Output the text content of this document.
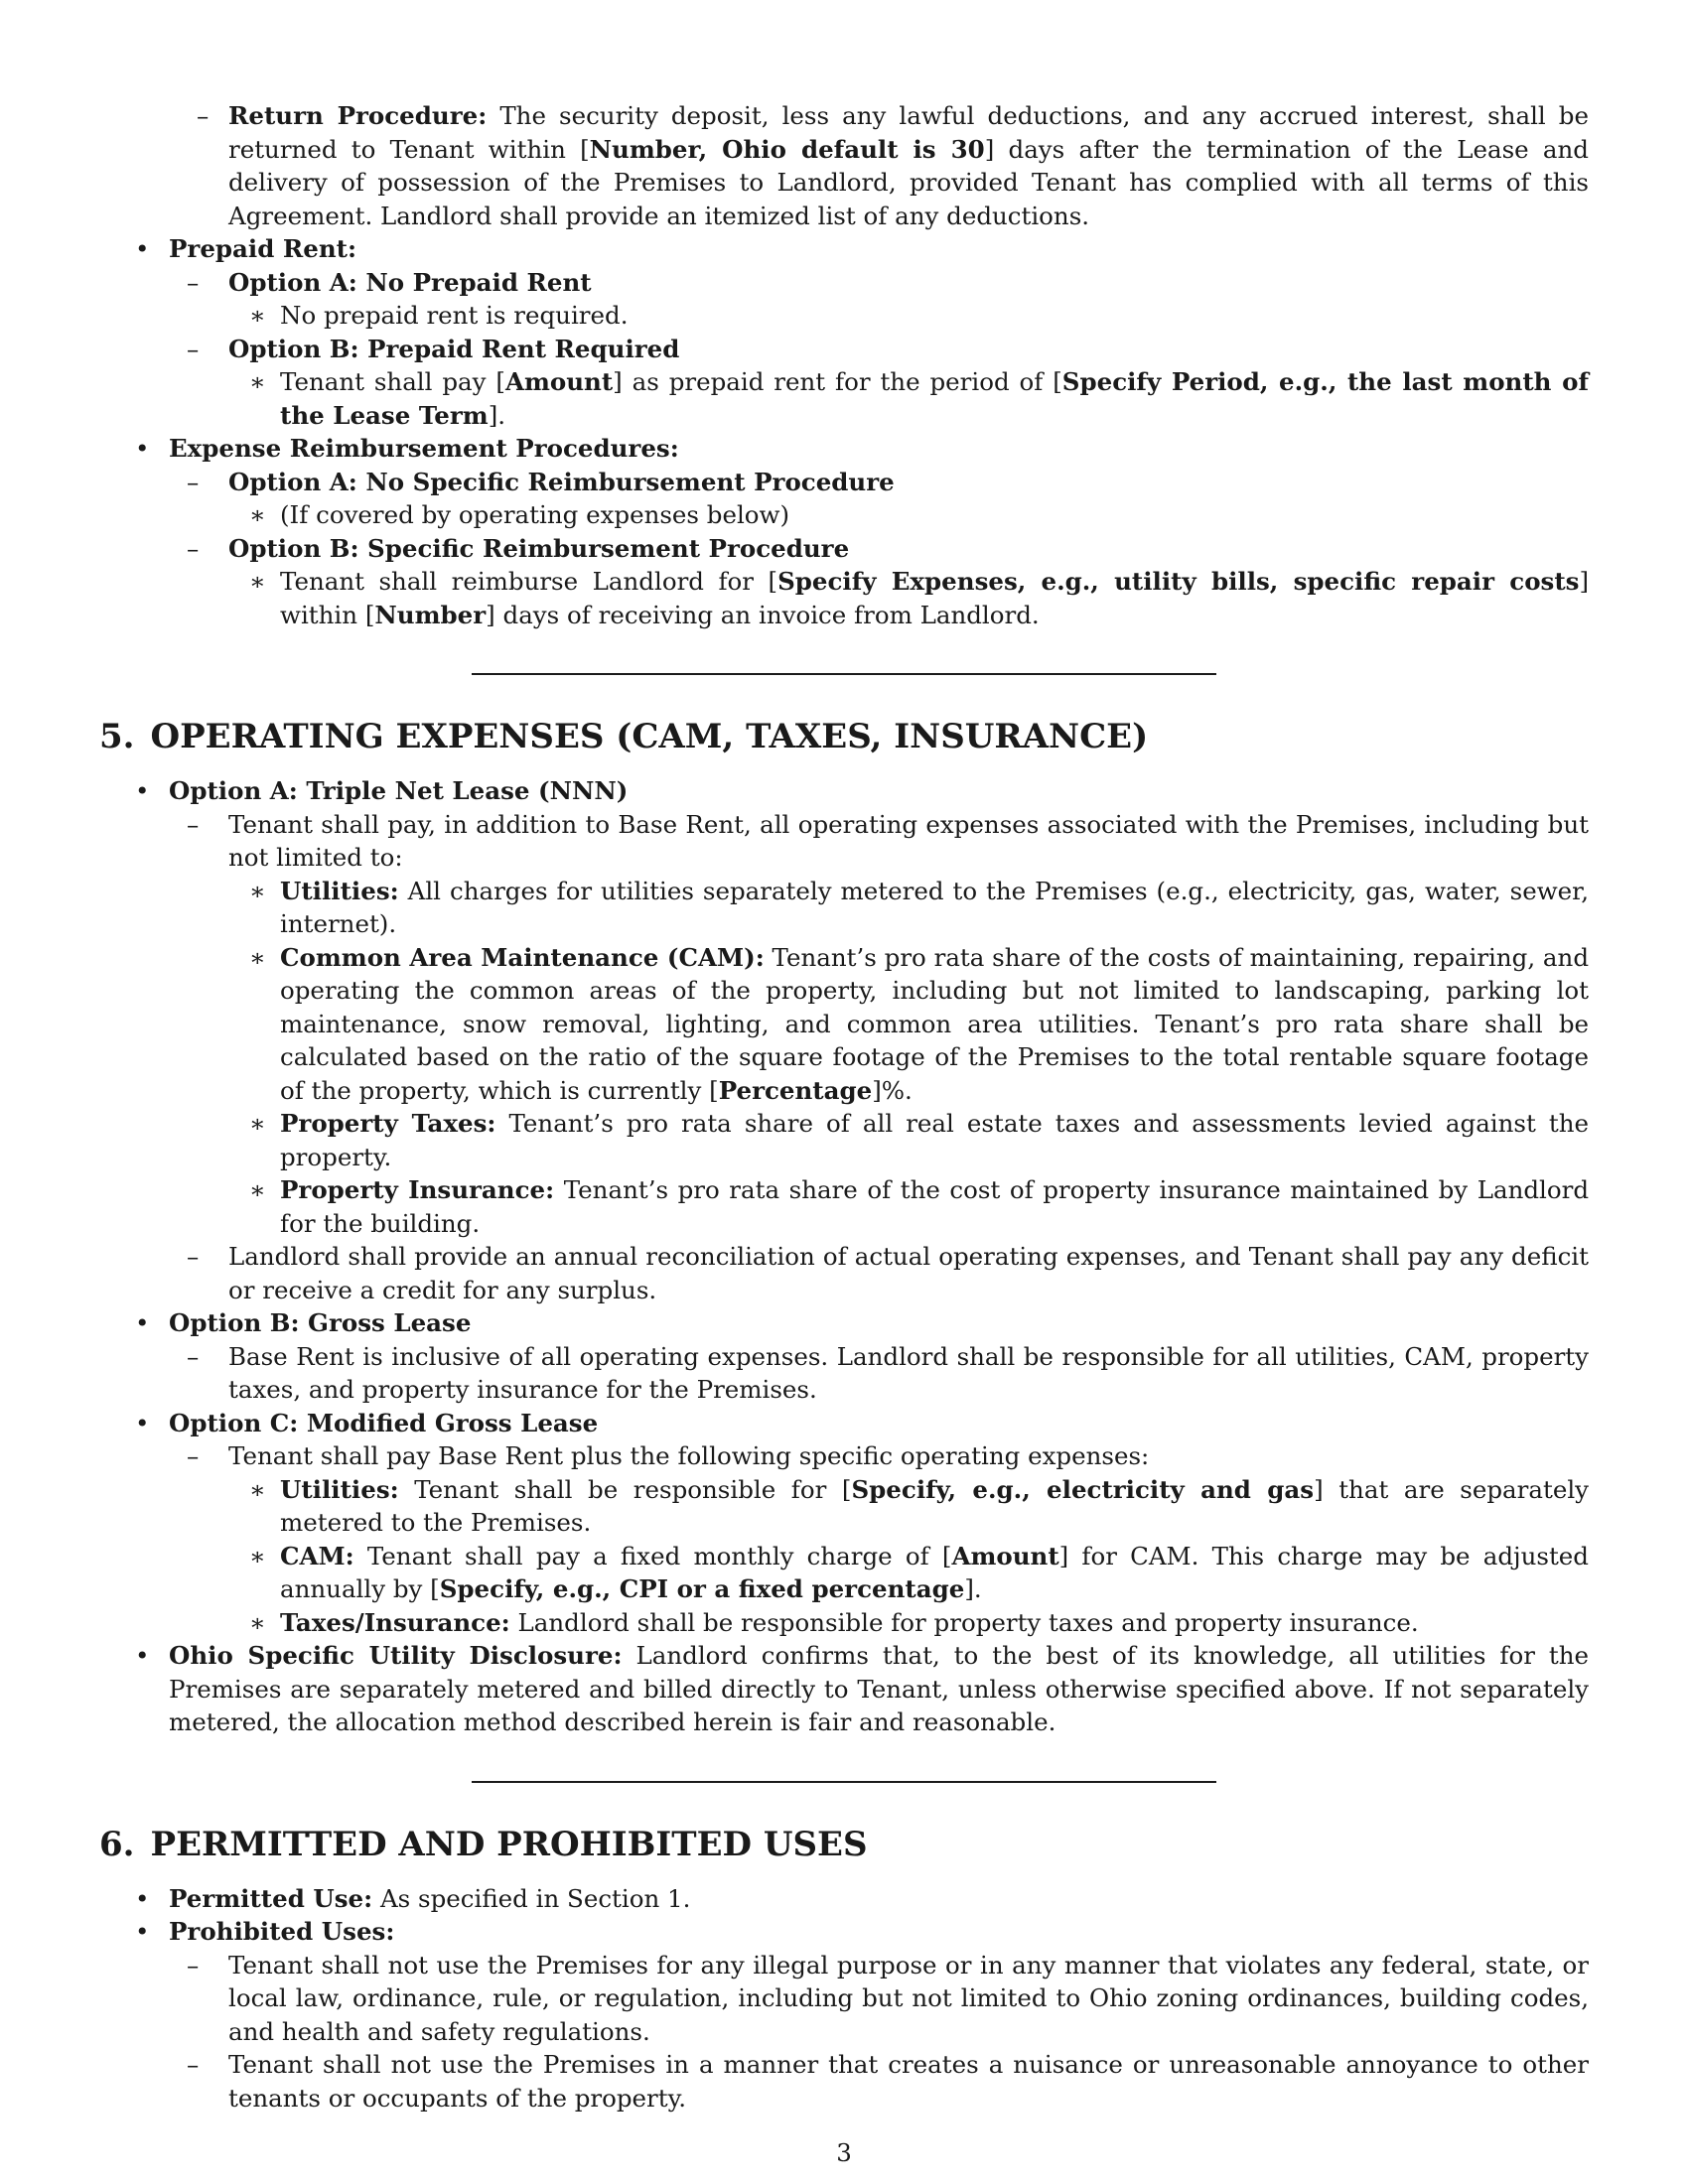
– Return Procedure: The security deposit, less any lawful deductions, and any accrued interest, shall be returned to Tenant within [Number, Ohio default is 30] days after the termination of the Lease and delivery of possession of the Premises to Landlord, provided Tenant has complied with all terms of this Agreement. Landlord shall provide an itemized list of any deductions.
• Prepaid Rent:
– Option A: No Prepaid Rent
∗ No prepaid rent is required.
– Option B: Prepaid Rent Required
∗ Tenant shall pay [Amount] as prepaid rent for the period of [Specify Period, e.g., the last month of the Lease Term].
• Expense Reimbursement Procedures:
– Option A: No Specific Reimbursement Procedure
∗ (If covered by operating expenses below)
– Option B: Specific Reimbursement Procedure
∗ Tenant shall reimburse Landlord for [Specify Expenses, e.g., utility bills, specific repair costs] within [Number] days of receiving an invoice from Landlord.
5. OPERATING EXPENSES (CAM, TAXES, INSURANCE)
• Option A: Triple Net Lease (NNN)
– Tenant shall pay, in addition to Base Rent, all operating expenses associated with the Premises, including but not limited to:
∗ Utilities: All charges for utilities separately metered to the Premises (e.g., electricity, gas, water, sewer, internet).
∗ Common Area Maintenance (CAM): Tenant’s pro rata share of the costs of maintaining, repairing, and operating the common areas of the property, including but not limited to landscaping, parking lot maintenance, snow removal, lighting, and common area utilities. Tenant’s pro rata share shall be calculated based on the ratio of the square footage of the Premises to the total rentable square footage of the property, which is currently [Percentage]%.
∗ Property Taxes: Tenant’s pro rata share of all real estate taxes and assessments levied against the property.
∗ Property Insurance: Tenant’s pro rata share of the cost of property insurance maintained by Landlord for the building.
– Landlord shall provide an annual reconciliation of actual operating expenses, and Tenant shall pay any deficit or receive a credit for any surplus.
• Option B: Gross Lease
– Base Rent is inclusive of all operating expenses. Landlord shall be responsible for all utilities, CAM, property taxes, and property insurance for the Premises.
• Option C: Modified Gross Lease
– Tenant shall pay Base Rent plus the following specific operating expenses:
∗ Utilities: Tenant shall be responsible for [Specify, e.g., electricity and gas] that are separately metered to the Premises.
∗ CAM: Tenant shall pay a fixed monthly charge of [Amount] for CAM. This charge may be adjusted annually by [Specify, e.g., CPI or a fixed percentage].
∗ Taxes/Insurance: Landlord shall be responsible for property taxes and property insurance.
• Ohio Specific Utility Disclosure: Landlord confirms that, to the best of its knowledge, all utilities for the Premises are separately metered and billed directly to Tenant, unless otherwise specified above. If not separately metered, the allocation method described herein is fair and reasonable.
6. PERMITTED AND PROHIBITED USES
• Permitted Use: As specified in Section 1.
• Prohibited Uses:
– Tenant shall not use the Premises for any illegal purpose or in any manner that violates any federal, state, or local law, ordinance, rule, or regulation, including but not limited to Ohio zoning ordinances, building codes, and health and safety regulations.
– Tenant shall not use the Premises in a manner that creates a nuisance or unreasonable annoyance to other tenants or occupants of the property.
3
